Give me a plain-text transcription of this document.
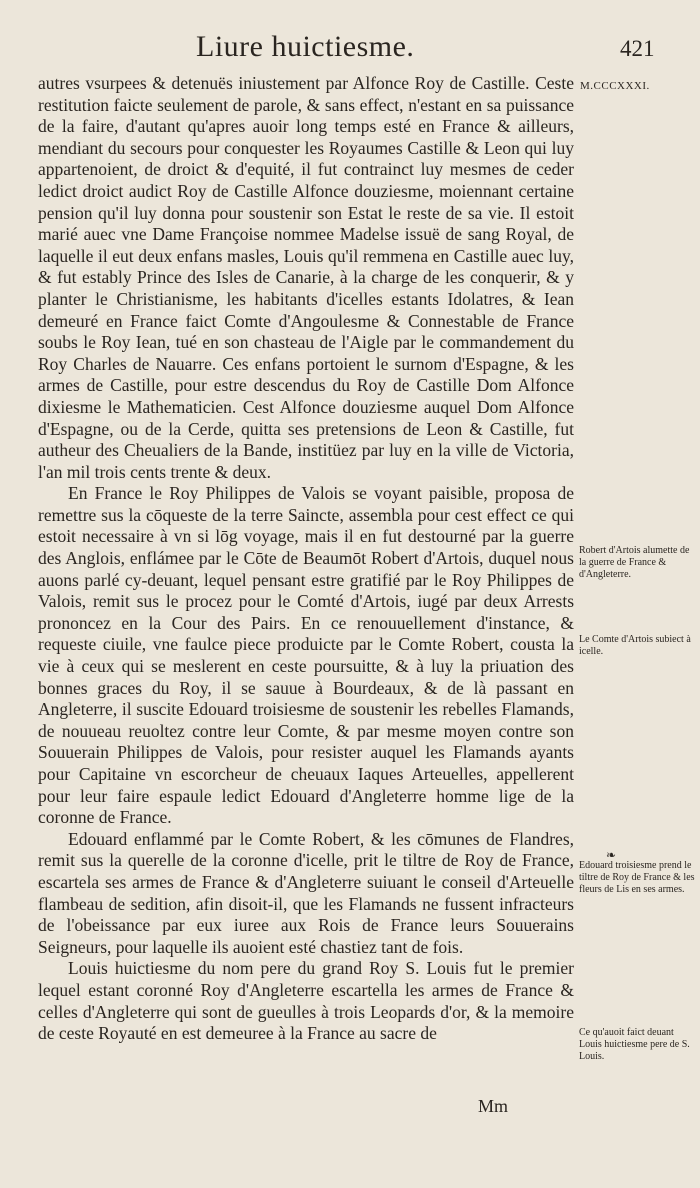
Liure huictiesme.	421
M.CCCXXXI.

autres vsurpees & detenuës iniustement par Alfonce Roy de Castille. Ceste restitution faicte seulement de parole, & sans effect, n'estant en sa puissance de la faire, d'autant qu'apres auoir long temps esté en France & ailleurs, mendiant du secours pour conquester les Royaumes Castille & Leon qui luy appartenoient, de droict & d'equité, il fut contrainct luy mesmes de ceder ledict droict audict Roy de Castille Alfonce douziesme, moiennant certaine pension qu'il luy donna pour soustenir son Estat le reste de sa vie. Il estoit marié auec vne Dame Françoise nommee Madelse issuë de sang Royal, de laquelle il eut deux enfans masles, Louis qu'il remmena en Castille auec luy, & fut estably Prince des Isles de Canarie, à la charge de les conquerir, & y planter le Christianisme, les habitants d'icelles estants Idolatres, & Iean demeuré en France faict Comte d'Angoulesme & Connestable de France soubs le Roy Iean, tué en son chasteau de l'Aigle par le commandement du Roy Charles de Nauarre. Ces enfans portoient le surnom d'Espagne, & les armes de Castille, pour estre descendus du Roy de Castille Dom Alfonce dixiesme le Mathematicien. Cest Alfonce douziesme auquel Dom Alfonce d'Espagne, ou de la Cerde, quitta ses pretensions de Leon & Castille, fut autheur des Cheualiers de la Bande, institüez par luy en la ville de Victoria, l'an mil trois cents trente & deux.

En France le Roy Philippes de Valois se voyant paisible, proposa de remettre sus la cōqueste de la terre Saincte, assembla pour cest effect ce qui estoit necessaire à vn si lōg voyage, mais il en fut destourné par la guerre des Anglois, enflámee par le Cōte de Beaumōt Robert d'Artois, duquel nous auons parlé cy-deuant, lequel pensant estre gratifié par le Roy Philippes de Valois, remit sus le procez pour le Comté d'Artois, iugé par deux Arrests prononcez en la Cour des Pairs. En ce renouuellement d'instance, & requeste ciuile, vne faulce piece produicte par le Comte Robert, cousta la vie à ceux qui se meslerent en ceste poursuitte, & à luy la priuation des bonnes graces du Roy, il se sauue à Bourdeaux, & de là passant en Angleterre, il suscite Edouard troisiesme de soustenir les rebelles Flamands, de nouueau reuoltez contre leur Comte, & par mesme moyen contre son Souuerain Philippes de Valois, pour resister auquel les Flamands ayants pour Capitaine vn escorcheur de cheuaux Iaques Arteuelles, appellerent pour leur faire espaule ledict Edouard d'Angleterre homme lige de la coronne de France.

Edouard enflammé par le Comte Robert, & les cōmunes de Flandres, remit sus la querelle de la coronne d'icelle, prit le tiltre de Roy de France, escartela ses armes de France & d'Angleterre suiuant le conseil d'Arteuelle flambeau de sedition, afin disoit-il, que les Flamands ne fussent infracteurs de l'obeissance par eux iuree aux Rois de France leurs Souuerains Seigneurs, pour laquelle ils auoient esté chastiez tant de fois.

Louis huictiesme du nom pere du grand Roy S. Louis fut le premier lequel estant coronné Roy d'Angleterre escartella les armes de France & celles d'Angleterre qui sont de gueulles à trois Leopards d'or, & la memoire de ceste Royauté en est demeuree à la France au sacre de

Robert d'Artois alumette de la guerre de France & d'Angleterre.
Le Comte d'Artois subiect à icelle.
❧
Edouard troisiesme prend le tiltre de Roy de France & les fleurs de Lis en ses armes.
Ce qu'auoit faict deuant Louis huictiesme pere de S. Louis.
Mm
